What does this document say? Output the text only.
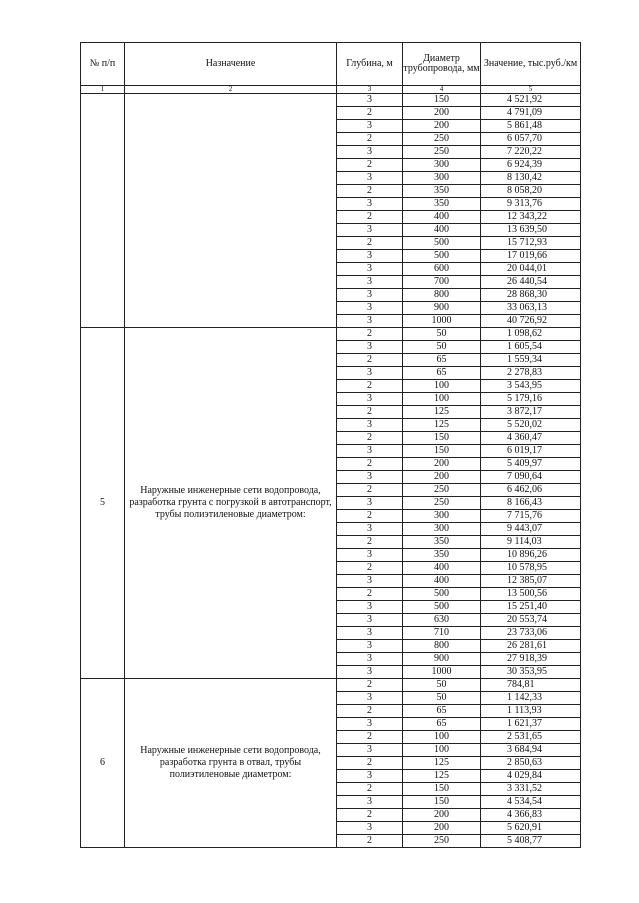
№ п/п	Назначение	Глубина, м	Диаметр трубопровода, мм	Значение, тыс.руб./км
1	2	3	4	5
		3	150	4 521,92
		2	200	4 791,09
		3	200	5 861,48
		2	250	6 057,70
		3	250	7 220,22
		2	300	6 924,39
		3	300	8 130,42
		2	350	8 058,20
		3	350	9 313,76
		2	400	12 343,22
		3	400	13 639,50
		2	500	15 712,93
		3	500	17 019,66
		3	600	20 044,01
		3	700	26 440,54
		3	800	28 868,30
		3	900	33 063,13
		3	1000	40 726,92
5	Наружные инженерные сети водопровода, разработка грунта с погрузкой в автотранспорт, трубы полиэтиленовые диаметром:	2	50	1 098,62
		3	50	1 605,54
		2	65	1 559,34
		3	65	2 278,83
		2	100	3 543,95
		3	100	5 179,16
		2	125	3 872,17
		3	125	5 520,02
		2	150	4 360,47
		3	150	6 019,17
		2	200	5 409,97
		3	200	7 090,64
		2	250	6 462,06
		3	250	8 166,43
		2	300	7 715,76
		3	300	9 443,07
		2	350	9 114,03
		3	350	10 896,26
		2	400	10 578,95
		3	400	12 385,07
		2	500	13 500,56
		3	500	15 251,40
		3	630	20 553,74
		3	710	23 733,06
		3	800	26 281,61
		3	900	27 918,39
		3	1000	30 353,95
6	Наружные инженерные сети водопровода, разработка грунта в отвал, трубы полиэтиленовые диаметром:	2	50	784,81
		3	50	1 142,33
		2	65	1 113,93
		3	65	1 621,37
		2	100	2 531,65
		3	100	3 684,94
		2	125	2 850,63
		3	125	4 029,84
		2	150	3 331,52
		3	150	4 534,54
		2	200	4 366,83
		3	200	5 620,91
		2	250	5 408,77
